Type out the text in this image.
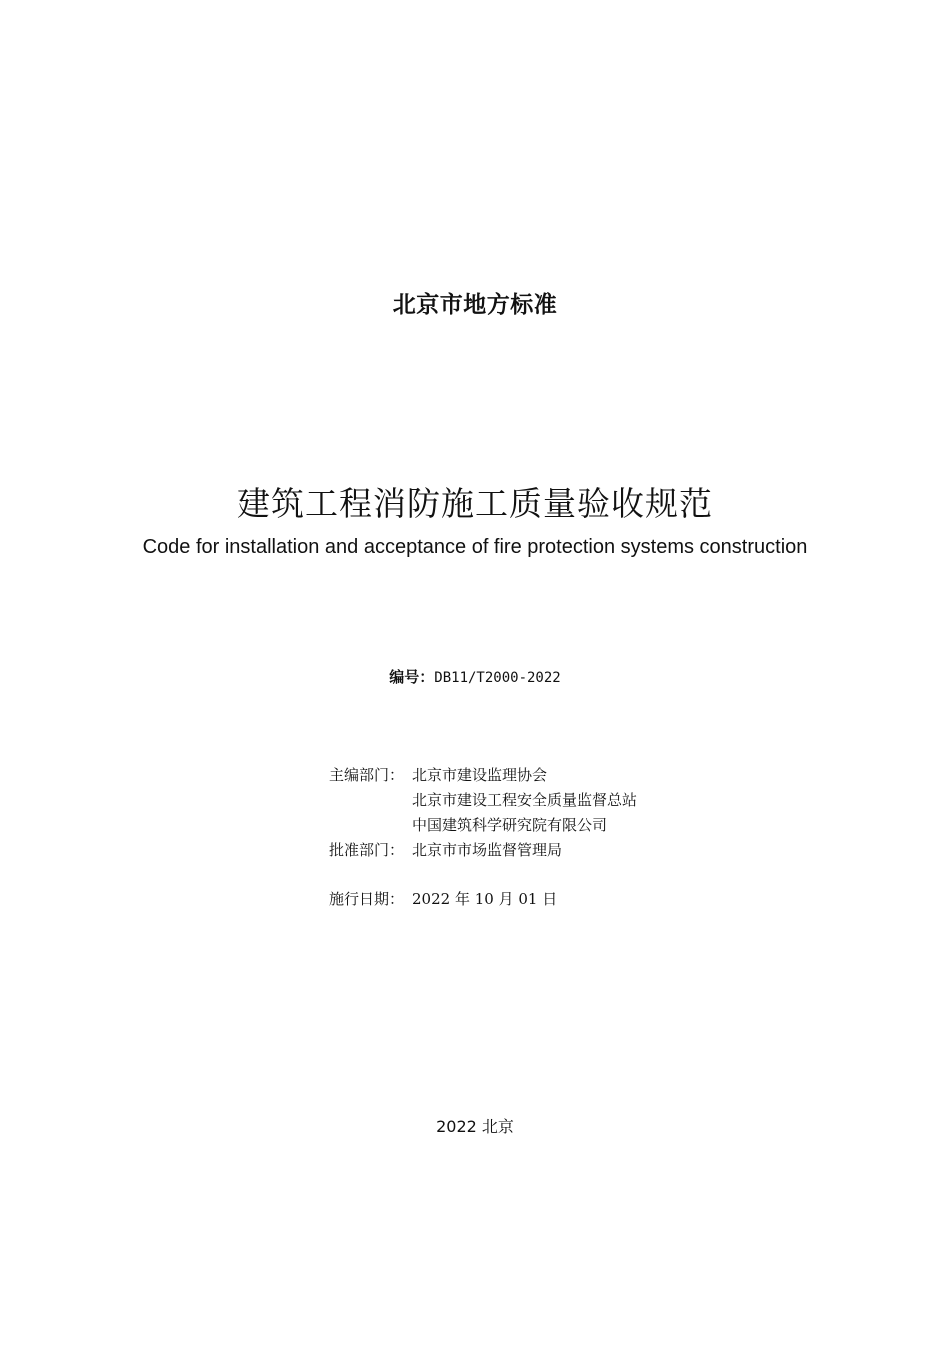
北京市地方标准
建筑工程消防施工质量验收规范
Code for installation and acceptance of fire protection systems construction
编号：DB11/T2000-2022
主编部门： 北京市建设监理协会
北京市建设工程安全质量监督总站
中国建筑科学研究院有限公司
批准部门： 北京市市场监督管理局
施行日期： 2022 年 10 月 01 日
2022 北京
